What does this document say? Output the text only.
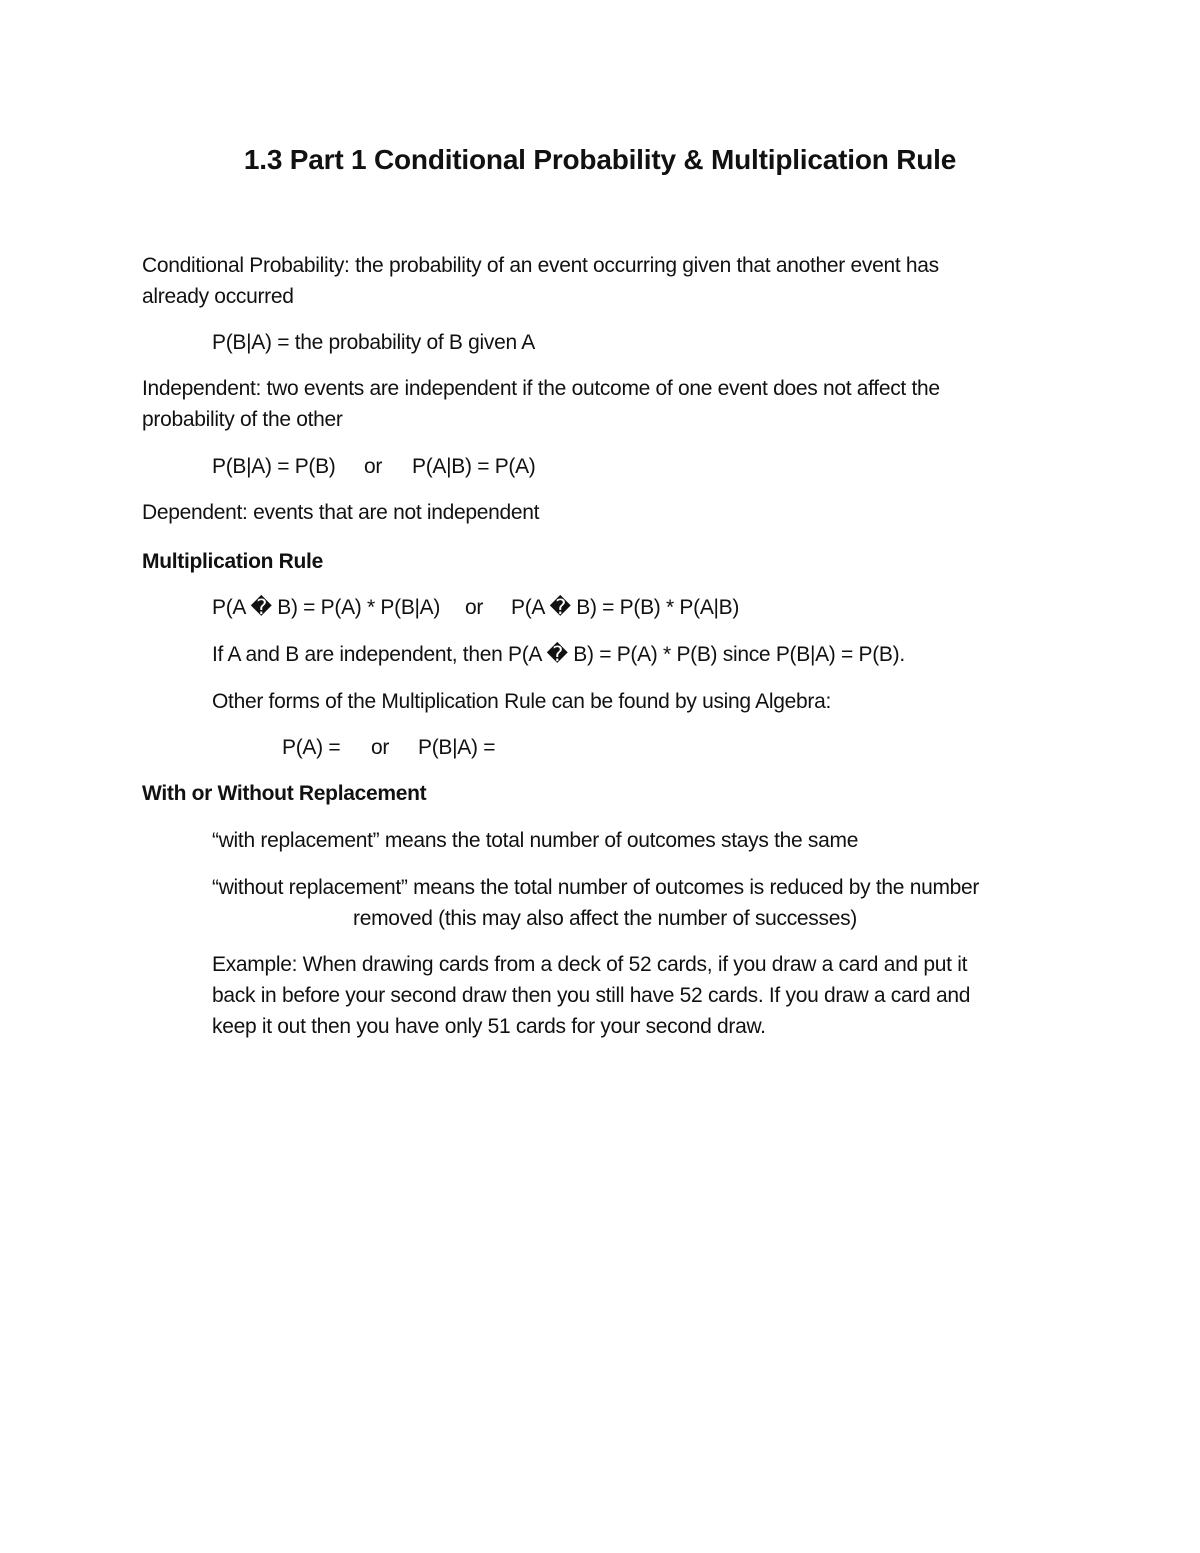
1.3 Part 1 Conditional Probability & Multiplication Rule
Conditional Probability: the probability of an event occurring given that another event has
already occurred
P(B|A) = the probability of B given A
Independent: two events are independent if the outcome of one event does not affect the
probability of the other
P(B|A) = P(B) or P(A|B) = P(A)
Dependent: events that are not independent
Multiplication Rule
P(A � B) = P(A) * P(B|A) or P(A � B) = P(B) * P(A|B)
If A and B are independent, then P(A � B) = P(A) * P(B) since P(B|A) = P(B).
Other forms of the Multiplication Rule can be found by using Algebra:
P(A) = or P(B|A) =
With or Without Replacement
“with replacement” means the total number of outcomes stays the same
“without replacement” means the total number of outcomes is reduced by the number
removed (this may also affect the number of successes)
Example: When drawing cards from a deck of 52 cards, if you draw a card and put it
back in before your second draw then you still have 52 cards. If you draw a card and
keep it out then you have only 51 cards for your second draw.
